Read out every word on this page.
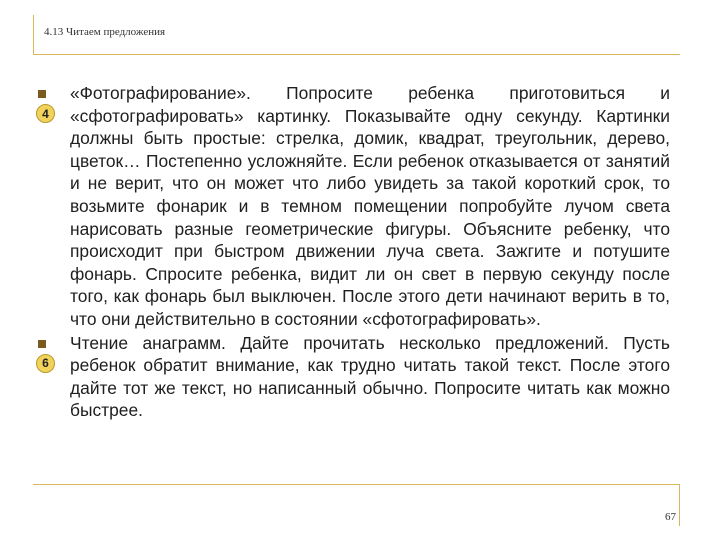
4.13 Читаем предложения
4
«Фотографирование». Попросите ребенка приготовиться и «сфотографировать» картинку. Показывайте одну секунду. Картинки должны быть простые: стрелка, домик, квадрат, треугольник, дерево, цветок… Постепенно усложняйте. Если ребенок отказывается от занятий и не верит, что он может что либо увидеть за такой короткий срок, то возьмите фонарик и в темном помещении попробуйте лучом света нарисовать разные геометрические фигуры. Объясните ребенку, что происходит при быстром движении луча света. Зажгите и потушите фонарь. Спросите ребенка, видит ли он свет в первую секунду после того, как фонарь был выключен. После этого дети начинают верить в то, что они действительно в состоянии «сфотографировать».
6
Чтение анаграмм. Дайте прочитать несколько предложений. Пусть ребенок обратит внимание, как трудно читать такой текст. После этого дайте тот же текст, но написанный обычно. Попросите читать как можно быстрее.
67
